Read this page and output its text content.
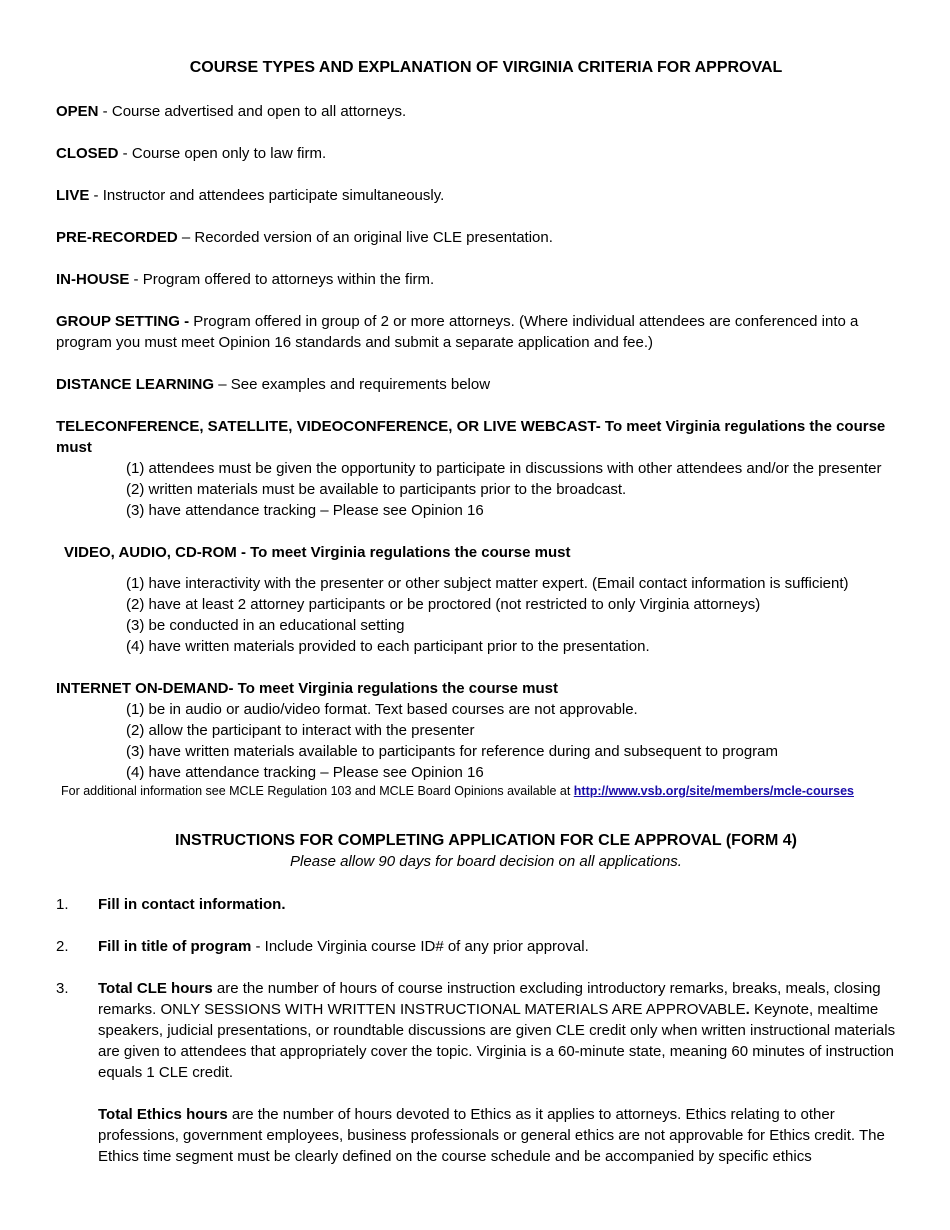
COURSE TYPES AND EXPLANATION OF VIRGINIA CRITERIA FOR APPROVAL
OPEN - Course advertised and open to all attorneys.
CLOSED - Course open only to law firm.
LIVE - Instructor and attendees participate simultaneously.
PRE-RECORDED – Recorded version of an original live CLE presentation.
IN-HOUSE - Program offered to attorneys within the firm.
GROUP SETTING - Program offered in group of 2 or more attorneys. (Where individual attendees are conferenced into a program you must meet Opinion 16 standards and submit a separate application and fee.)
DISTANCE LEARNING – See examples and requirements below
TELECONFERENCE, SATELLITE, VIDEOCONFERENCE, OR LIVE WEBCAST- To meet Virginia regulations the course must
(1) attendees must be given the opportunity to participate in discussions with other attendees and/or the presenter
(2) written materials must be available to participants prior to the broadcast.
(3) have attendance tracking – Please see Opinion 16
VIDEO, AUDIO, CD-ROM - To meet Virginia regulations the course must
(1) have interactivity with the presenter or other subject matter expert. (Email contact information is sufficient)
(2) have at least 2 attorney participants or be proctored (not restricted to only Virginia attorneys)
(3) be conducted in an educational setting
(4) have written materials provided to each participant prior to the presentation.
INTERNET ON-DEMAND- To meet Virginia regulations the course must
(1) be in audio or audio/video format. Text based courses are not approvable.
(2) allow the participant to interact with the presenter
(3) have written materials available to participants for reference during and subsequent to program
(4) have attendance tracking – Please see Opinion 16
For additional information see MCLE Regulation 103 and MCLE Board Opinions available at http://www.vsb.org/site/members/mcle-courses
INSTRUCTIONS FOR COMPLETING APPLICATION FOR CLE APPROVAL (FORM 4)
Please allow 90 days for board decision on all applications.
1.	Fill in contact information.
2.	Fill in title of program - Include Virginia course ID# of any prior approval.
3.	Total CLE hours are the number of hours of course instruction excluding introductory remarks, breaks, meals, closing remarks. ONLY SESSIONS WITH WRITTEN INSTRUCTIONAL MATERIALS ARE APPROVABLE. Keynote, mealtime speakers, judicial presentations, or roundtable discussions are given CLE credit only when written instructional materials are given to attendees that appropriately cover the topic. Virginia is a 60-minute state, meaning 60 minutes of instruction equals 1 CLE credit.

Total Ethics hours are the number of hours devoted to Ethics as it applies to attorneys. Ethics relating to other professions, government employees, business professionals or general ethics are not approvable for Ethics credit. The Ethics time segment must be clearly defined on the course schedule and be accompanied by specific ethics
